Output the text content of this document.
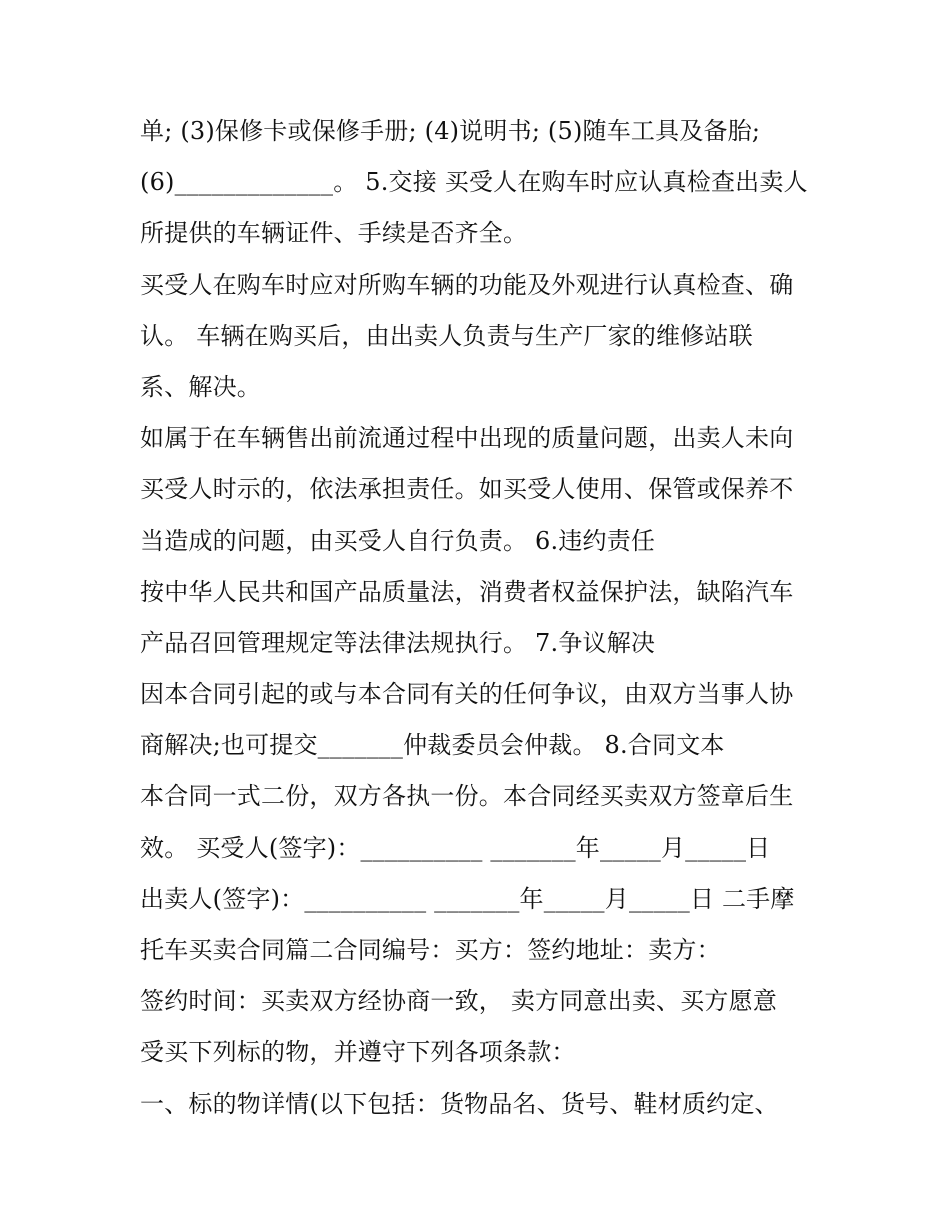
单; (3)保修卡或保修手册; (4)说明书; (5)随车工具及备胎;
(6)_____________。 5.交接 买受人在购车时应认真检查出卖人
所提供的车辆证件、手续是否齐全。
买受人在购车时应对所购车辆的功能及外观进行认真检查、确
认。 车辆在购买后，由出卖人负责与生产厂家的维修站联
系、解决。
如属于在车辆售出前流通过程中出现的质量问题，出卖人未向
买受人时示的，依法承担责任。如买受人使用、保管或保养不
当造成的问题，由买受人自行负责。 6.违约责任
按中华人民共和国产品质量法，消费者权益保护法，缺陷汽车
产品召回管理规定等法律法规执行。 7.争议解决
因本合同引起的或与本合同有关的任何争议，由双方当事人协
商解决;也可提交_______仲裁委员会仲裁。 8.合同文本
本合同一式二份，双方各执一份。本合同经买卖双方签章后生
效。 买受人(签字)：__________ _______年_____月_____日
出卖人(签字)：__________ _______年_____月_____日 二手摩
托车买卖合同篇二合同编号：买方：签约地址：卖方：
签约时间：买卖双方经协商一致， 卖方同意出卖、买方愿意
受买下列标的物，并遵守下列各项条款：
一、标的物详情(以下包括：货物品名、货号、鞋材质约定、
